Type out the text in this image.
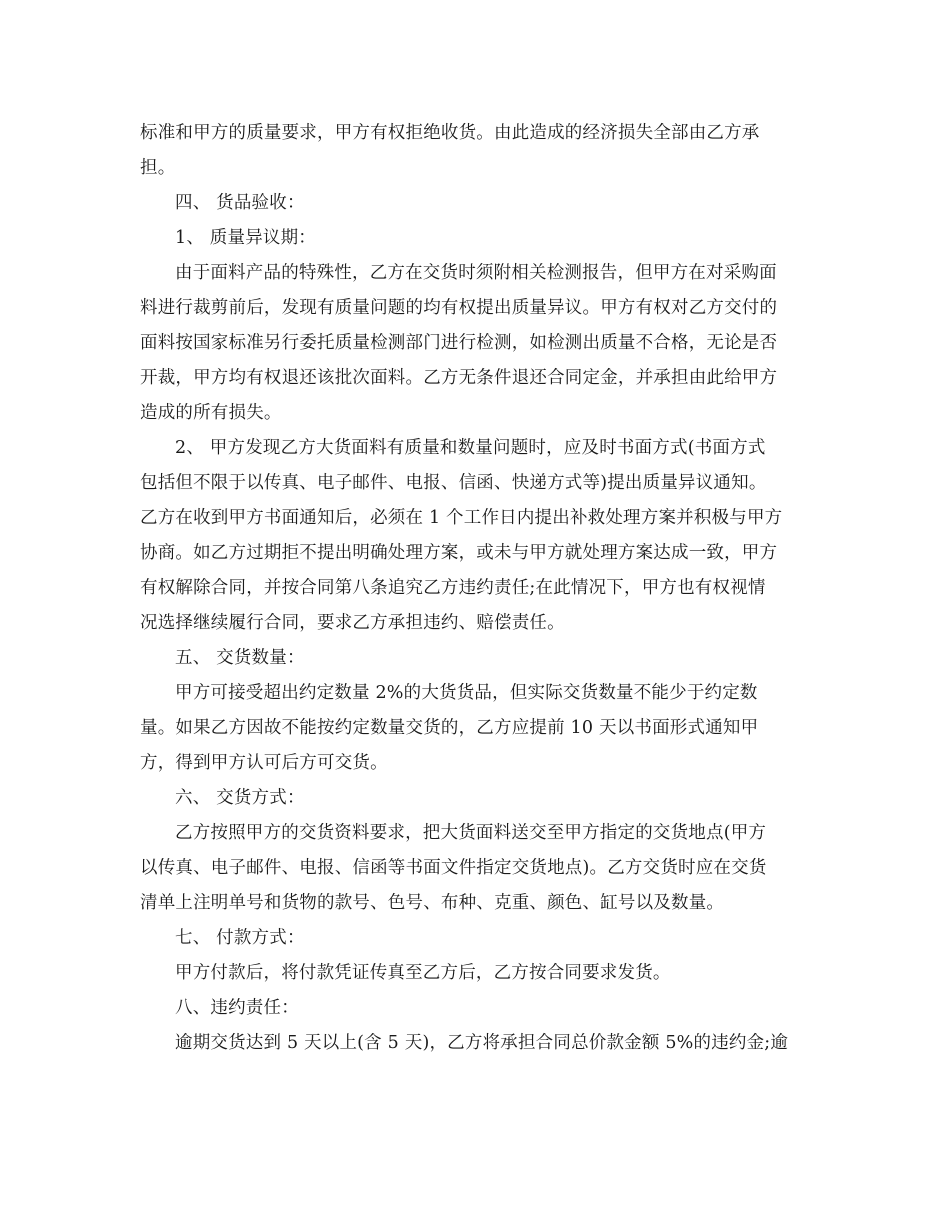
标准和甲方的质量要求，甲方有权拒绝收货。由此造成的经济损失全部由乙方承
担。
四、 货品验收：
1、 质量异议期：
由于面料产品的特殊性，乙方在交货时须附相关检测报告，但甲方在对采购面
料进行裁剪前后，发现有质量问题的均有权提出质量异议。甲方有权对乙方交付的
面料按国家标准另行委托质量检测部门进行检测，如检测出质量不合格，无论是否
开裁，甲方均有权退还该批次面料。乙方无条件退还合同定金，并承担由此给甲方
造成的所有损失。
2、 甲方发现乙方大货面料有质量和数量问题时，应及时书面方式(书面方式
包括但不限于以传真、电子邮件、电报、信函、快递方式等)提出质量异议通知。
乙方在收到甲方书面通知后，必须在 1 个工作日内提出补救处理方案并积极与甲方
协商。如乙方过期拒不提出明确处理方案，或未与甲方就处理方案达成一致，甲方
有权解除合同，并按合同第八条追究乙方违约责任;在此情况下，甲方也有权视情
况选择继续履行合同，要求乙方承担违约、赔偿责任。
五、 交货数量：
甲方可接受超出约定数量 2%的大货货品，但实际交货数量不能少于约定数
量。如果乙方因故不能按约定数量交货的，乙方应提前 10 天以书面形式通知甲
方，得到甲方认可后方可交货。
六、 交货方式：
乙方按照甲方的交货资料要求，把大货面料送交至甲方指定的交货地点(甲方
以传真、电子邮件、电报、信函等书面文件指定交货地点)。乙方交货时应在交货
清单上注明单号和货物的款号、色号、布种、克重、颜色、缸号以及数量。
七、 付款方式：
甲方付款后，将付款凭证传真至乙方后，乙方按合同要求发货。
八、违约责任：
逾期交货达到 5 天以上(含 5 天)，乙方将承担合同总价款金额 5%的违约金;逾
